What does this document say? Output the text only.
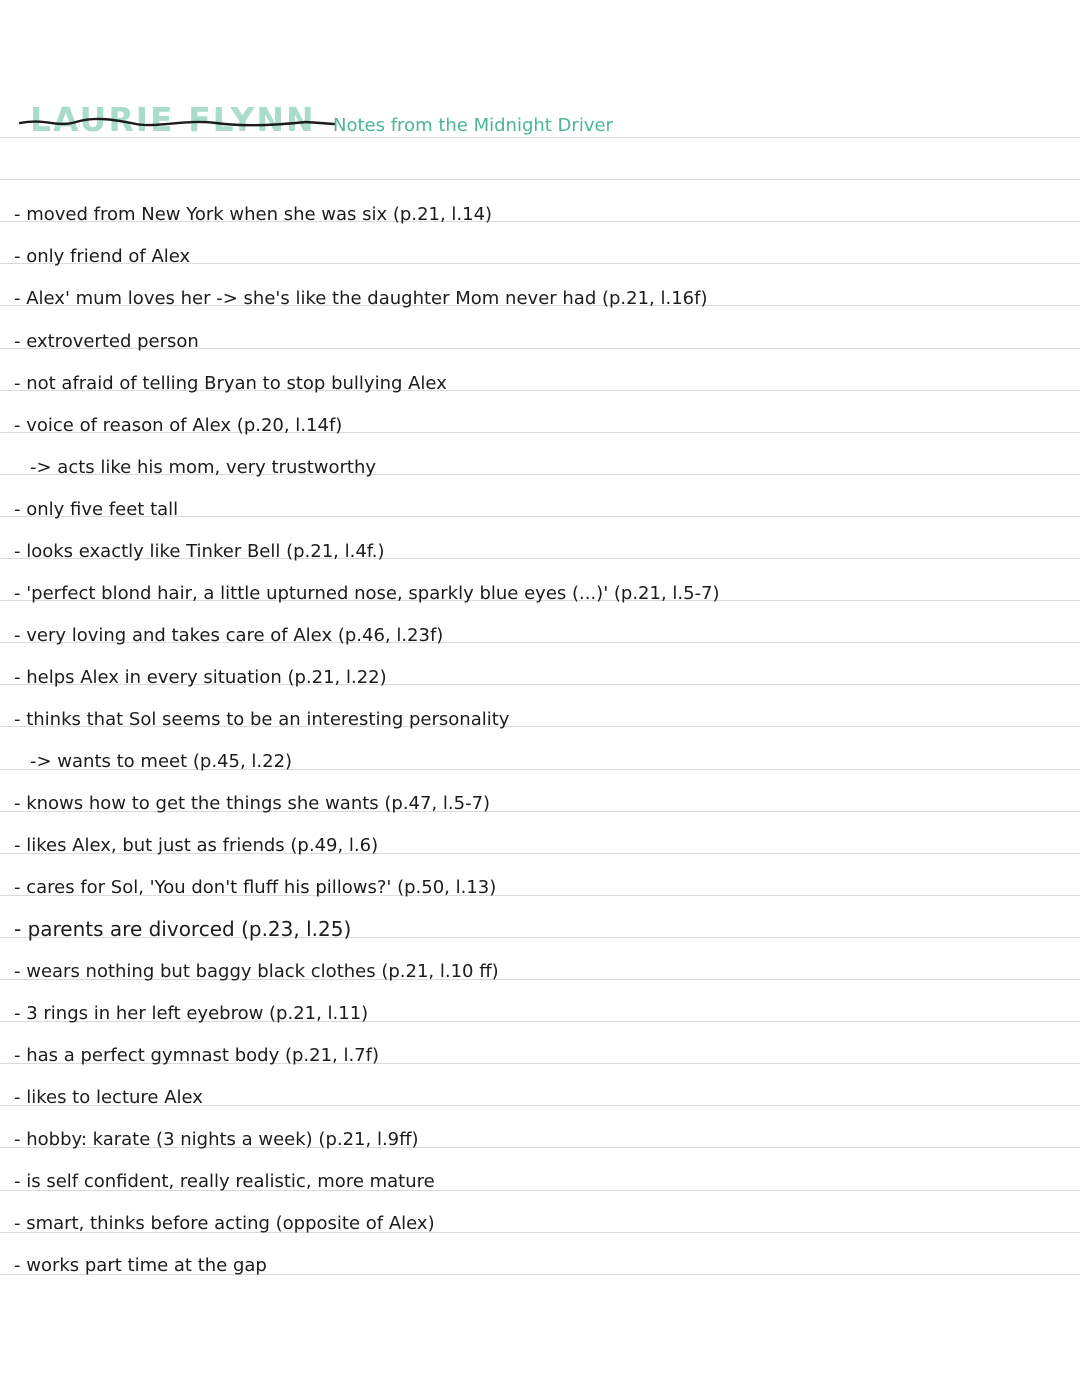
LAURIE FLYNN Notes from the Midnight Driver
- moved from New York when she was six (p.21, l.14)
- only friend of Alex
- Alex' mum loves her -> she's like the daughter Mom never had (p.21, l.16f)
- extroverted person
- not afraid of telling Bryan to stop bullying Alex
- voice of reason of Alex (p.20, l.14f)
-> acts like his mom, very trustworthy
- only five feet tall
- looks exactly like Tinker Bell (p.21, l.4f.)
- 'perfect blond hair, a little upturned nose, sparkly blue eyes (...)' (p.21, l.5-7)
- very loving and takes care of Alex (p.46, l.23f)
- helps Alex in every situation (p.21, l.22)
- thinks that Sol seems to be an interesting personality
-> wants to meet (p.45, l.22)
- knows how to get the things she wants (p.47, l.5-7)
- likes Alex, but just as friends (p.49, l.6)
- cares for Sol, 'You don't fluff his pillows?' (p.50, l.13)
- parents are divorced (p.23, l.25)
- wears nothing but baggy black clothes (p.21, l.10 ff)
- 3 rings in her left eyebrow (p.21, l.11)
- has a perfect gymnast body (p.21, l.7f)
- likes to lecture Alex
- hobby: karate (3 nights a week) (p.21, l.9ff)
- is self confident, really realistic, more mature
- smart, thinks before acting (opposite of Alex)
- works part time at the gap
